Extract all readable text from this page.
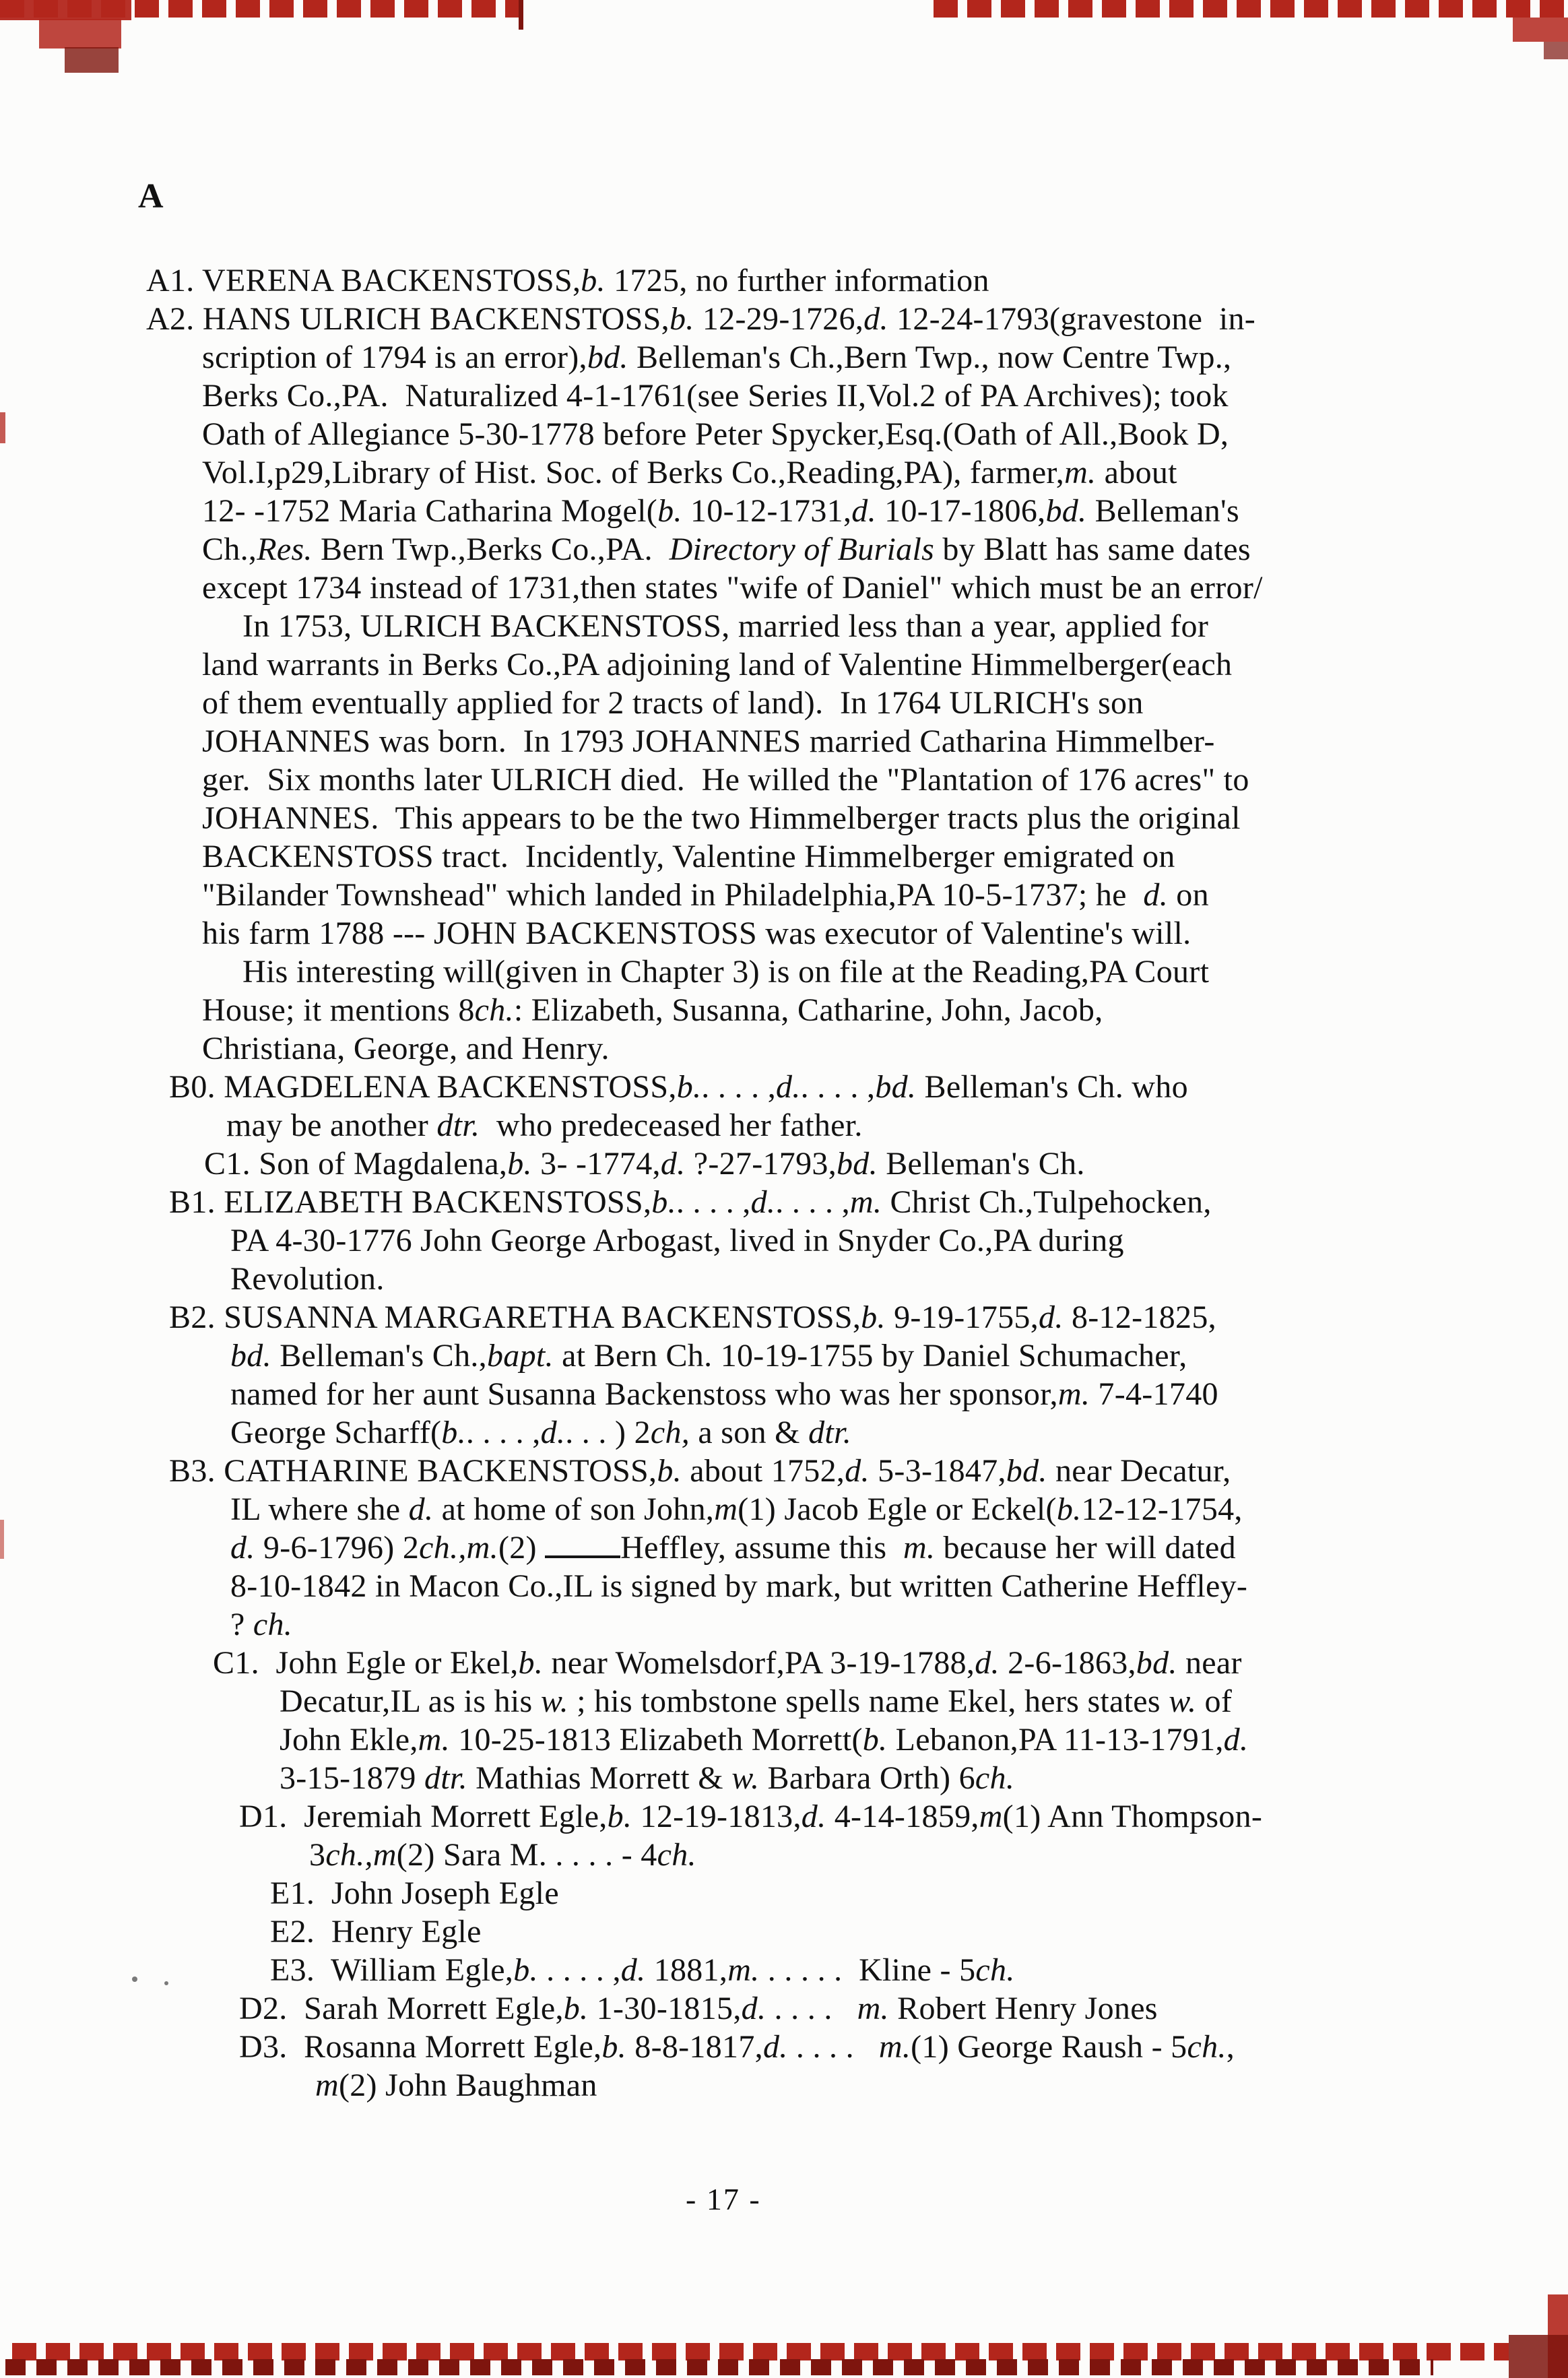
A
A1. VERENA BACKENSTOSS,b. 1725, no further information
A2. HANS ULRICH BACKENSTOSS,b. 12-29-1726,d. 12-24-1793(gravestone  in-
scription of 1794 is an error),bd. Belleman's Ch.,Bern Twp., now Centre Twp.,
Berks Co.,PA.  Naturalized 4-1-1761(see Series II,Vol.2 of PA Archives); took
Oath of Allegiance 5-30-1778 before Peter Spycker,Esq.(Oath of All.,Book D,
Vol.I,p29,Library of Hist. Soc. of Berks Co.,Reading,PA), farmer,m. about
12- -1752 Maria Catharina Mogel(b. 10-12-1731,d. 10-17-1806,bd. Belleman's
Ch.,Res. Bern Twp.,Berks Co.,PA.  Directory of Burials by Blatt has same dates
except 1734 instead of 1731,then states "wife of Daniel" which must be an error/
In 1753, ULRICH BACKENSTOSS, married less than a year, applied for
land warrants in Berks Co.,PA adjoining land of Valentine Himmelberger(each
of them eventually applied for 2 tracts of land).  In 1764 ULRICH's son
JOHANNES was born.  In 1793 JOHANNES married Catharina Himmelber-
ger.  Six months later ULRICH died.  He willed the "Plantation of 176 acres" to
JOHANNES.  This appears to be the two Himmelberger tracts plus the original
BACKENSTOSS tract.  Incidently, Valentine Himmelberger emigrated on
"Bilander Townshead" which landed in Philadelphia,PA 10-5-1737; he  d. on
his farm 1788 --- JOHN BACKENSTOSS was executor of Valentine's will.
His interesting will(given in Chapter 3) is on file at the Reading,PA Court
House; it mentions 8ch.: Elizabeth, Susanna, Catharine, John, Jacob,
Christiana, George, and Henry.
B0. MAGDELENA BACKENSTOSS,b.. . . . ,d.. . . . ,bd. Belleman's Ch. who
may be another dtr.  who predeceased her father.
C1. Son of Magdalena,b. 3- -1774,d. ?-27-1793,bd. Belleman's Ch.
B1. ELIZABETH BACKENSTOSS,b.. . . . ,d.. . . . ,m. Christ Ch.,Tulpehocken,
PA 4-30-1776 John George Arbogast, lived in Snyder Co.,PA during
Revolution.
B2. SUSANNA MARGARETHA BACKENSTOSS,b. 9-19-1755,d. 8-12-1825,
bd. Belleman's Ch.,bapt. at Bern Ch. 10-19-1755 by Daniel Schumacher,
named for her aunt Susanna Backenstoss who was her sponsor,m. 7-4-1740
George Scharff(b.. . . . ,d.. . . ) 2ch, a son & dtr.
B3. CATHARINE BACKENSTOSS,b. about 1752,d. 5-3-1847,bd. near Decatur,
IL where she d. at home of son John,m(1) Jacob Egle or Eckel(b.12-12-1754,
d. 9-6-1796) 2ch.,m.(2) Heffley, assume this  m. because her will dated
8-10-1842 in Macon Co.,IL is signed by mark, but written Catherine Heffley-
? ch.
C1.  John Egle or Ekel,b. near Womelsdorf,PA 3-19-1788,d. 2-6-1863,bd. near
Decatur,IL as is his w. ; his tombstone spells name Ekel, hers states w. of
John Ekle,m. 10-25-1813 Elizabeth Morrett(b. Lebanon,PA 11-13-1791,d.
3-15-1879 dtr. Mathias Morrett & w. Barbara Orth) 6ch.
D1.  Jeremiah Morrett Egle,b. 12-19-1813,d. 4-14-1859,m(1) Ann Thompson-
3ch.,m(2) Sara M. . . . . - 4ch.
E1.  John Joseph Egle
E2.  Henry Egle
E3.  William Egle,b. . . . . ,d. 1881,m. . . . . .  Kline - 5ch.
D2.  Sarah Morrett Egle,b. 1-30-1815,d. . . . .   m. Robert Henry Jones
D3.  Rosanna Morrett Egle,b. 8-8-1817,d. . . . .   m.(1) George Raush - 5ch.,
m(2) John Baughman
- 17 -
